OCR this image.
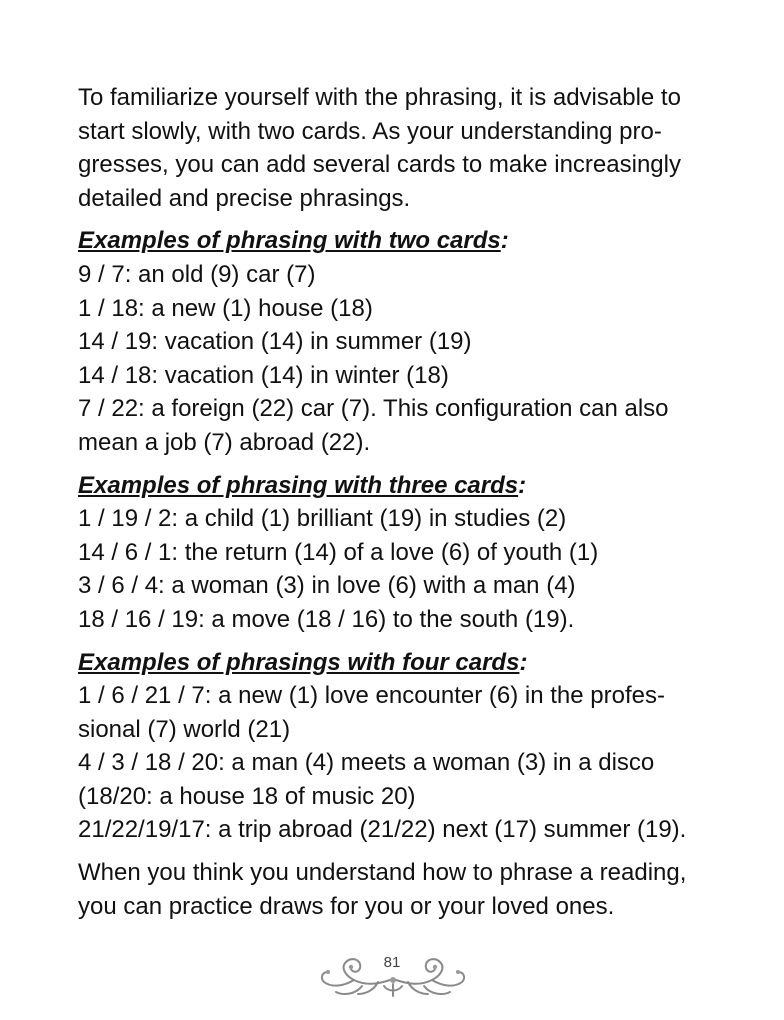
To familiarize yourself with the phrasing, it is advisable to

start slowly, with two cards. As your understanding pro-

gresses, you can add several cards to make increasingly

detailed and precise phrasings.

Examples of phrasing with two cards:

9 / 7: an old (9) car (7)

1 / 18: a new (1) house (18)

14 / 19: vacation (14) in summer (19)

14 / 18: vacation (14) in winter (18)

7 / 22: a foreign (22) car (7). This configuration can also

mean a job (7) abroad (22).

Examples of phrasing with three cards:

1 / 19 / 2: a child (1) brilliant (19) in studies (2)

14 / 6 / 1: the return (14) of a love (6) of youth (1)

3 / 6 / 4: a woman (3) in love (6) with a man (4)

18 / 16 / 19: a move (18 / 16) to the south (19).

Examples of phrasings with four cards:

1 / 6 / 21 / 7: a new (1) love encounter (6) in the profes-

sional (7) world (21)

4 / 3 / 18 / 20: a man (4) meets a woman (3) in a disco

(18/20: a house 18 of music 20)

21/22/19/17: a trip abroad (21/22) next (17) summer (19).

When you think you understand how to phrase a reading,

you can practice draws for you or your loved ones.

81
